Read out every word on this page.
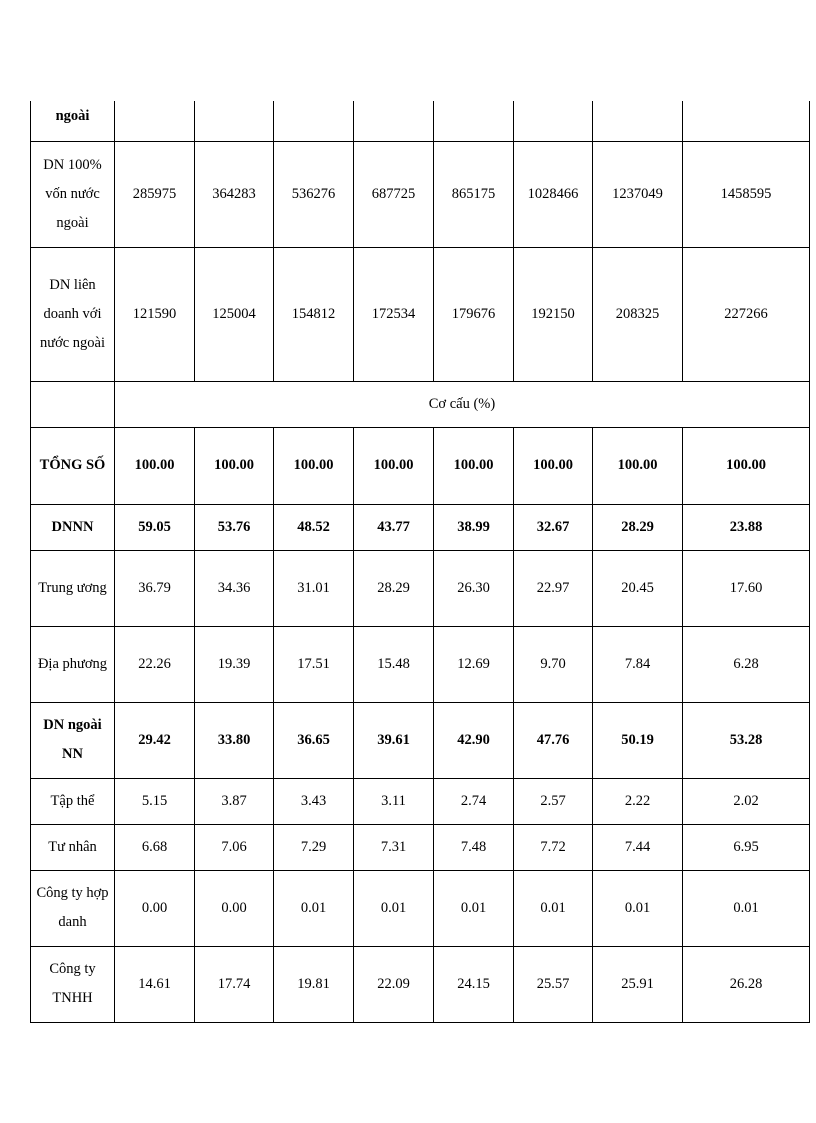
ngoài								
DN 100% vốn nước ngoài	285975	364283	536276	687725	865175	1028466	1237049	1458595
DN liên doanh với nước ngoài	121590	125004	154812	172534	179676	192150	208325	227266
	Cơ cấu (%)							
TỔNG SỐ	100.00	100.00	100.00	100.00	100.00	100.00	100.00	100.00
DNNN	59.05	53.76	48.52	43.77	38.99	32.67	28.29	23.88
Trung ương	36.79	34.36	31.01	28.29	26.30	22.97	20.45	17.60
Địa phương	22.26	19.39	17.51	15.48	12.69	9.70	7.84	6.28
DN ngoài NN	29.42	33.80	36.65	39.61	42.90	47.76	50.19	53.28
Tập thể	5.15	3.87	3.43	3.11	2.74	2.57	2.22	2.02
Tư nhân	6.68	7.06	7.29	7.31	7.48	7.72	7.44	6.95
Công ty hợp danh	0.00	0.00	0.01	0.01	0.01	0.01	0.01	0.01
Công ty TNHH	14.61	17.74	19.81	22.09	24.15	25.57	25.91	26.28
